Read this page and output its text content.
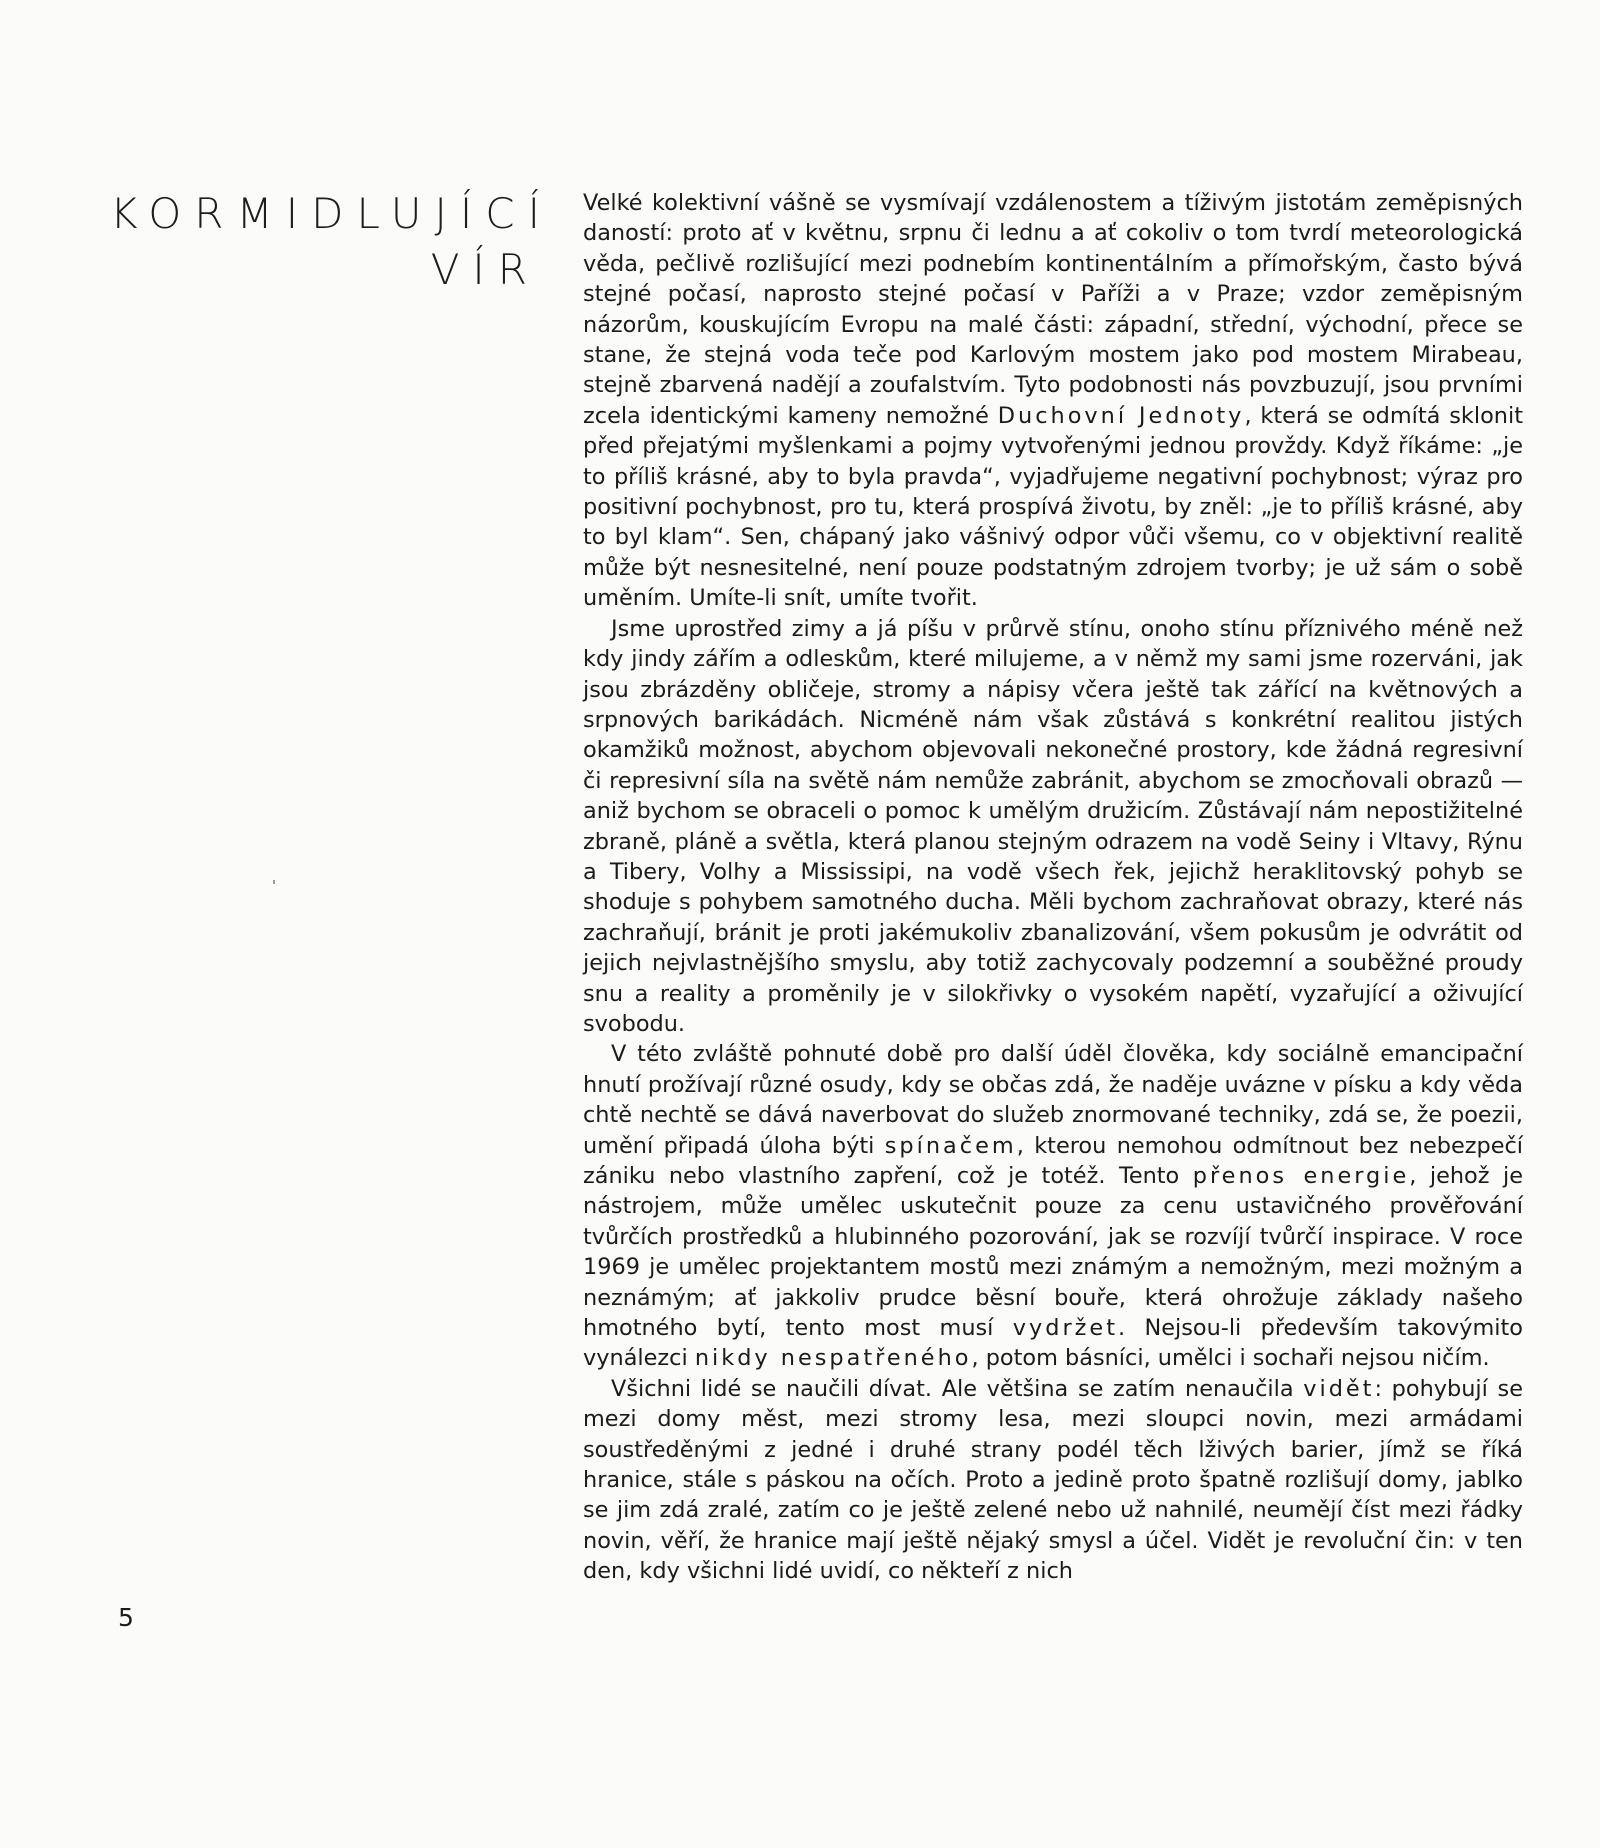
KORMIDLUJÍCÍ
VÍR

Velké kolektivní vášně se vysmívají vzdálenostem a tíživým jistotám zeměpisných daností: proto ať v květnu, srpnu či lednu a ať cokoliv o tom tvrdí meteorologická věda, pečlivě rozlišující mezi podnebím kontinentálním a přímořským, často bývá stejné počasí, naprosto stejné počasí v Paříži a v Praze; vzdor zeměpisným názorům, kouskujícím Evropu na malé části: západní, střední, východní, přece se stane, že stejná voda teče pod Karlovým mostem jako pod mostem Mirabeau, stejně zbarvená nadějí a zoufalstvím. Tyto podobnosti nás povzbuzují, jsou prvními zcela identickými kameny nemožné Duchovní Jednoty, která se odmítá sklonit před přejatými myšlenkami a pojmy vytvořenými jednou provždy. Když říkáme: „je to příliš krásné, aby to byla pravda“, vyjadřujeme negativní pochybnost; výraz pro positivní pochybnost, pro tu, která prospívá životu, by zněl: „je to příliš krásné, aby to byl klam“. Sen, chápaný jako vášnivý odpor vůči všemu, co v objektivní realitě může být nesnesitelné, není pouze podstatným zdrojem tvorby; je už sám o sobě uměním. Umíte-li snít, umíte tvořit.

Jsme uprostřed zimy a já píšu v průrvě stínu, onoho stínu příznivého méně než kdy jindy zářím a odleskům, které milujeme, a v němž my sami jsme rozerváni, jak jsou zbrázděny obličeje, stromy a nápisy včera ještě tak zářící na květnových a srpnových barikádách. Nicméně nám však zůstává s konkrétní realitou jistých okamžiků možnost, abychom objevovali nekonečné prostory, kde žádná regresivní či represivní síla na světě nám nemůže zabránit, abychom se zmocňovali obrazů — aniž bychom se obraceli o pomoc k umělým družicím. Zůstávají nám nepostižitelné zbraně, pláně a světla, která planou stejným odrazem na vodě Seiny i Vltavy, Rýnu a Tibery, Volhy a Mississipi, na vodě všech řek, jejichž heraklitovský pohyb se shoduje s pohybem samotného ducha. Měli bychom zachraňovat obrazy, které nás zachraňují, bránit je proti jakémukoliv zbanalizování, všem pokusům je odvrátit od jejich nejvlastnějšího smyslu, aby totiž zachycovaly podzemní a souběžné proudy snu a reality a proměnily je v silokřivky o vysokém napětí, vyzařující a oživující svobodu.

V této zvláště pohnuté době pro další úděl člověka, kdy sociálně emancipační hnutí prožívají různé osudy, kdy se občas zdá, že naděje uvázne v písku a kdy věda chtě nechtě se dává naverbovat do služeb znormované techniky, zdá se, že poezii, umění připadá úloha býti spínačem, kterou nemohou odmítnout bez nebezpečí zániku nebo vlastního zapření, což je totéž. Tento přenos energie, jehož je nástrojem, může umělec uskutečnit pouze za cenu ustavičného prověřování tvůrčích prostředků a hlubinného pozorování, jak se rozvíjí tvůrčí inspirace. V roce 1969 je umělec projektantem mostů mezi známým a nemožným, mezi možným a neznámým; ať jakkoliv prudce běsní bouře, která ohrožuje základy našeho hmotného bytí, tento most musí vydržet. Nejsou-li především takovýmito vynálezci nikdy nespatřeného, potom básníci, umělci i sochaři nejsou ničím.

Všichni lidé se naučili dívat. Ale většina se zatím nenaučila vidět: pohybují se mezi domy měst, mezi stromy lesa, mezi sloupci novin, mezi armádami soustředěnými z jedné i druhé strany podél těch lživých barier, jímž se říká hranice, stále s páskou na očích. Proto a jedině proto špatně rozlišují domy, jablko se jim zdá zralé, zatím co je ještě zelené nebo už nahnilé, neumějí číst mezi řádky novin, věří, že hranice mají ještě nějaký smysl a účel. Vidět je revoluční čin: v ten den, kdy všichni lidé uvidí, co někteří z nich

5
